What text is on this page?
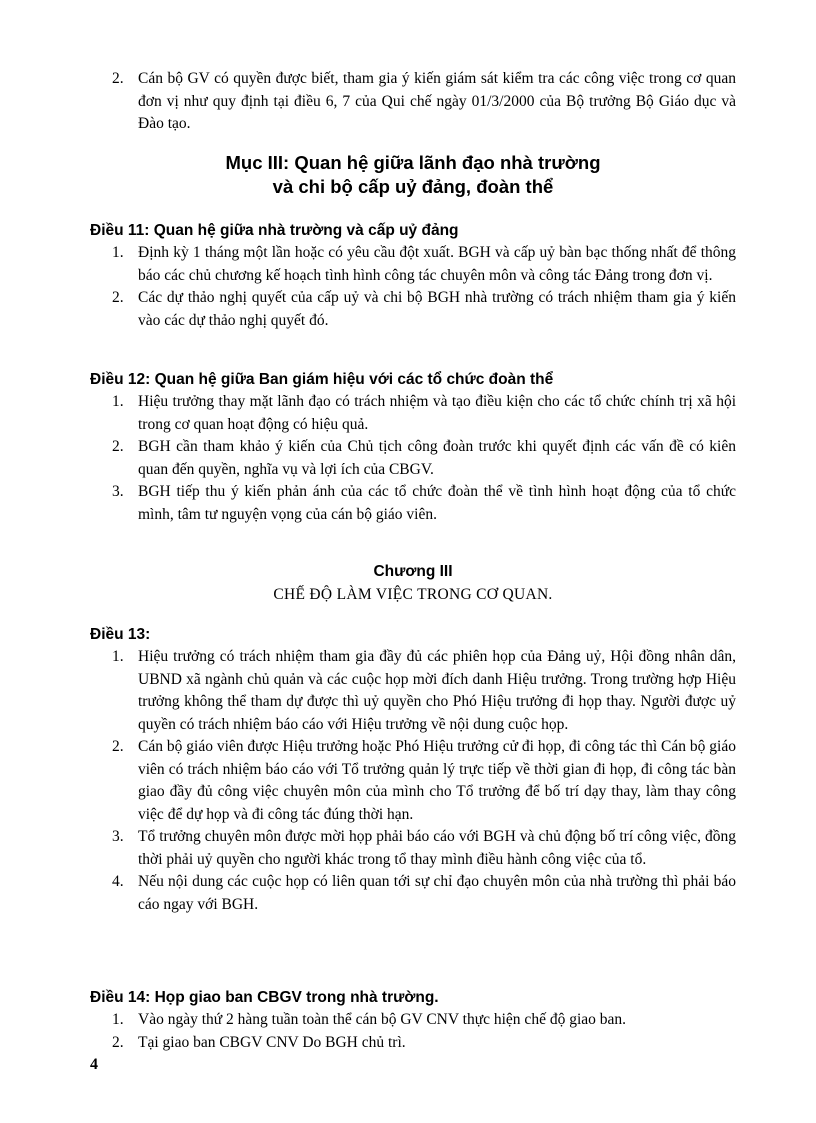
2. Cán bộ GV có quyền được biết, tham gia ý kiến giám sát kiểm tra các công việc trong cơ quan đơn vị như quy định tại điều 6, 7 của Qui chế ngày 01/3/2000 của Bộ trưởng Bộ Giáo dục và Đào tạo.
Mục III: Quan hệ giữa lãnh đạo nhà trường
và chi bộ cấp uỷ đảng, đoàn thể

Điều 11: Quan hệ giữa nhà trường và cấp uỷ đảng

1. Định kỳ 1 tháng một lần hoặc có yêu cầu đột xuất. BGH và cấp uỷ bàn bạc thống nhất để thông báo các chủ chương kế hoạch tình hình công tác chuyên môn và công tác Đảng trong đơn vị.
2. Các dự thảo nghị quyết của cấp uỷ và chi bộ BGH nhà trường có trách nhiệm tham gia ý kiến vào các dự thảo nghị quyết đó.

Điều 12: Quan hệ giữa Ban giám hiệu với các tổ chức đoàn thể

1. Hiệu trưởng thay mặt lãnh đạo có trách nhiệm và tạo điều kiện cho các tổ chức chính trị xã hội trong cơ quan hoạt động có hiệu quả.
2. BGH cần tham khảo ý kiến của Chủ tịch công đoàn trước khi quyết định các vấn đề có kiên quan đến quyền, nghĩa vụ và lợi ích của CBGV.
3. BGH tiếp thu ý kiến phản ánh của các tổ chức đoàn thể về tình hình hoạt động của tổ chức mình, tâm tư nguyện vọng của cán bộ giáo viên.
Chương III
CHẾ ĐỘ LÀM VIỆC TRONG CƠ QUAN.

Điều 13:

1. Hiệu trưởng có trách nhiệm tham gia đầy đủ các phiên họp của Đảng uỷ, Hội đồng nhân dân, UBND xã ngành chủ quản và các cuộc họp mời đích danh Hiệu trưởng. Trong trường hợp Hiệu trưởng không thể tham dự được thì uỷ quyền cho Phó Hiệu trưởng đi họp thay. Người được uỷ quyền có trách nhiệm báo cáo với Hiệu trưởng về nội dung cuộc họp.
2. Cán bộ giáo viên được Hiệu trưởng hoặc Phó Hiệu trưởng cử đi họp, đi công tác thì Cán bộ giáo viên có trách nhiệm báo cáo với Tổ trưởng quản lý trực tiếp về thời gian đi họp, đi công tác bàn giao đầy đủ công việc chuyên môn của mình cho Tổ trưởng để bố trí dạy thay, làm thay công việc để dự họp và đi công tác đúng thời hạn.
3. Tổ trưởng chuyên môn được mời họp phải báo cáo với BGH và chủ động bố trí công việc, đồng thời phải uỷ quyền cho người khác trong tổ thay mình điều hành công việc của tổ.
4. Nếu nội dung các cuộc họp có liên quan tới sự chỉ đạo chuyên môn của nhà trường thì phải báo cáo ngay với BGH.

Điều 14: Họp giao ban CBGV trong nhà trường.

1. Vào ngày thứ 2 hàng tuần toàn thể cán bộ GV CNV thực hiện chế độ giao ban.
2. Tại giao ban CBGV CNV Do BGH chủ trì.
4
